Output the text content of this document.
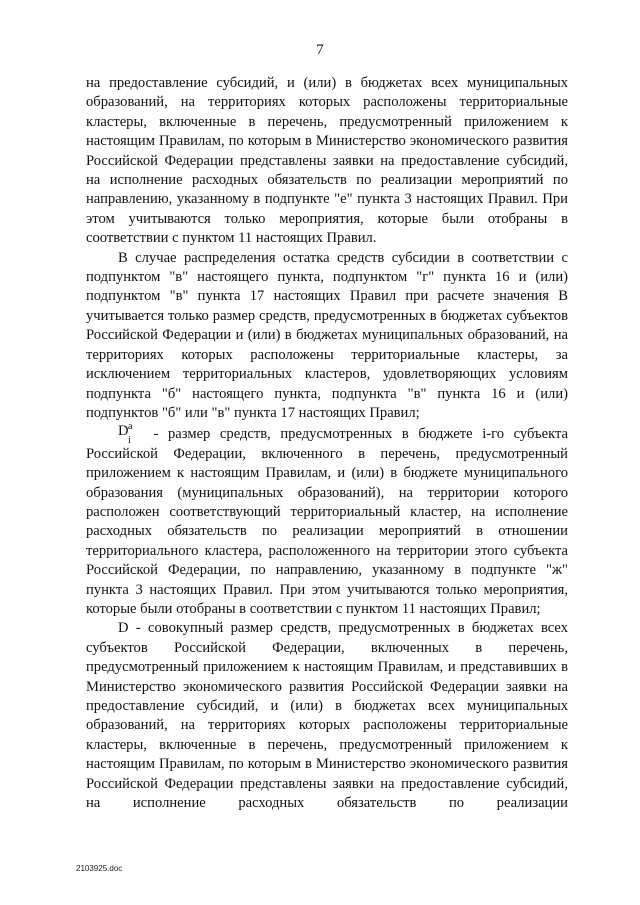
7

на предоставление субсидий, и (или) в бюджетах всех муниципальных образований, на территориях которых расположены территориальные кластеры, включенные в перечень, предусмотренный приложением к настоящим Правилам, по которым в Министерство экономического развития Российской Федерации представлены заявки на предоставление субсидий, на исполнение расходных обязательств по реализации мероприятий по направлению, указанному в подпункте "е" пункта 3 настоящих Правил. При этом учитываются только мероприятия, которые были отобраны в соответствии с пунктом 11 настоящих Правил.

В случае распределения остатка средств субсидии в соответствии с подпунктом "в" настоящего пункта, подпунктом "г" пункта 16 и (или) подпунктом "в" пункта 17 настоящих Правил при расчете значения В учитывается только размер средств, предусмотренных в бюджетах субъектов Российской Федерации и (или) в бюджетах муниципальных образований, на территориях которых расположены территориальные кластеры, за исключением территориальных кластеров, удовлетворяющих условиям подпункта "б" настоящего пункта, подпункта "в" пункта 16 и (или) подпунктов "б" или "в" пункта 17 настоящих Правил;

D a
i - размер средств, предусмотренных в бюджете i-го субъекта Российской Федерации, включенного в перечень, предусмотренный приложением к настоящим Правилам, и (или) в бюджете муниципального образования (муниципальных образований), на территории которого расположен соответствующий территориальный кластер, на исполнение расходных обязательств по реализации мероприятий в отношении территориального кластера, расположенного на территории этого субъекта Российской Федерации, по направлению, указанному в подпункте "ж" пункта 3 настоящих Правил. При этом учитываются только мероприятия, которые были отобраны в соответствии с пунктом 11 настоящих Правил;

D - совокупный размер средств, предусмотренных в бюджетах всех субъектов Российской Федерации, включенных в перечень, предусмотренный приложением к настоящим Правилам, и представивших в Министерство экономического развития Российской Федерации заявки на предоставление субсидий, и (или) в бюджетах всех муниципальных образований, на территориях которых расположены территориальные кластеры, включенные в перечень, предусмотренный приложением к настоящим Правилам, по которым в Министерство экономического развития Российской Федерации представлены заявки на предоставление субсидий, на исполнение расходных обязательств по реализации

2103925.doc
